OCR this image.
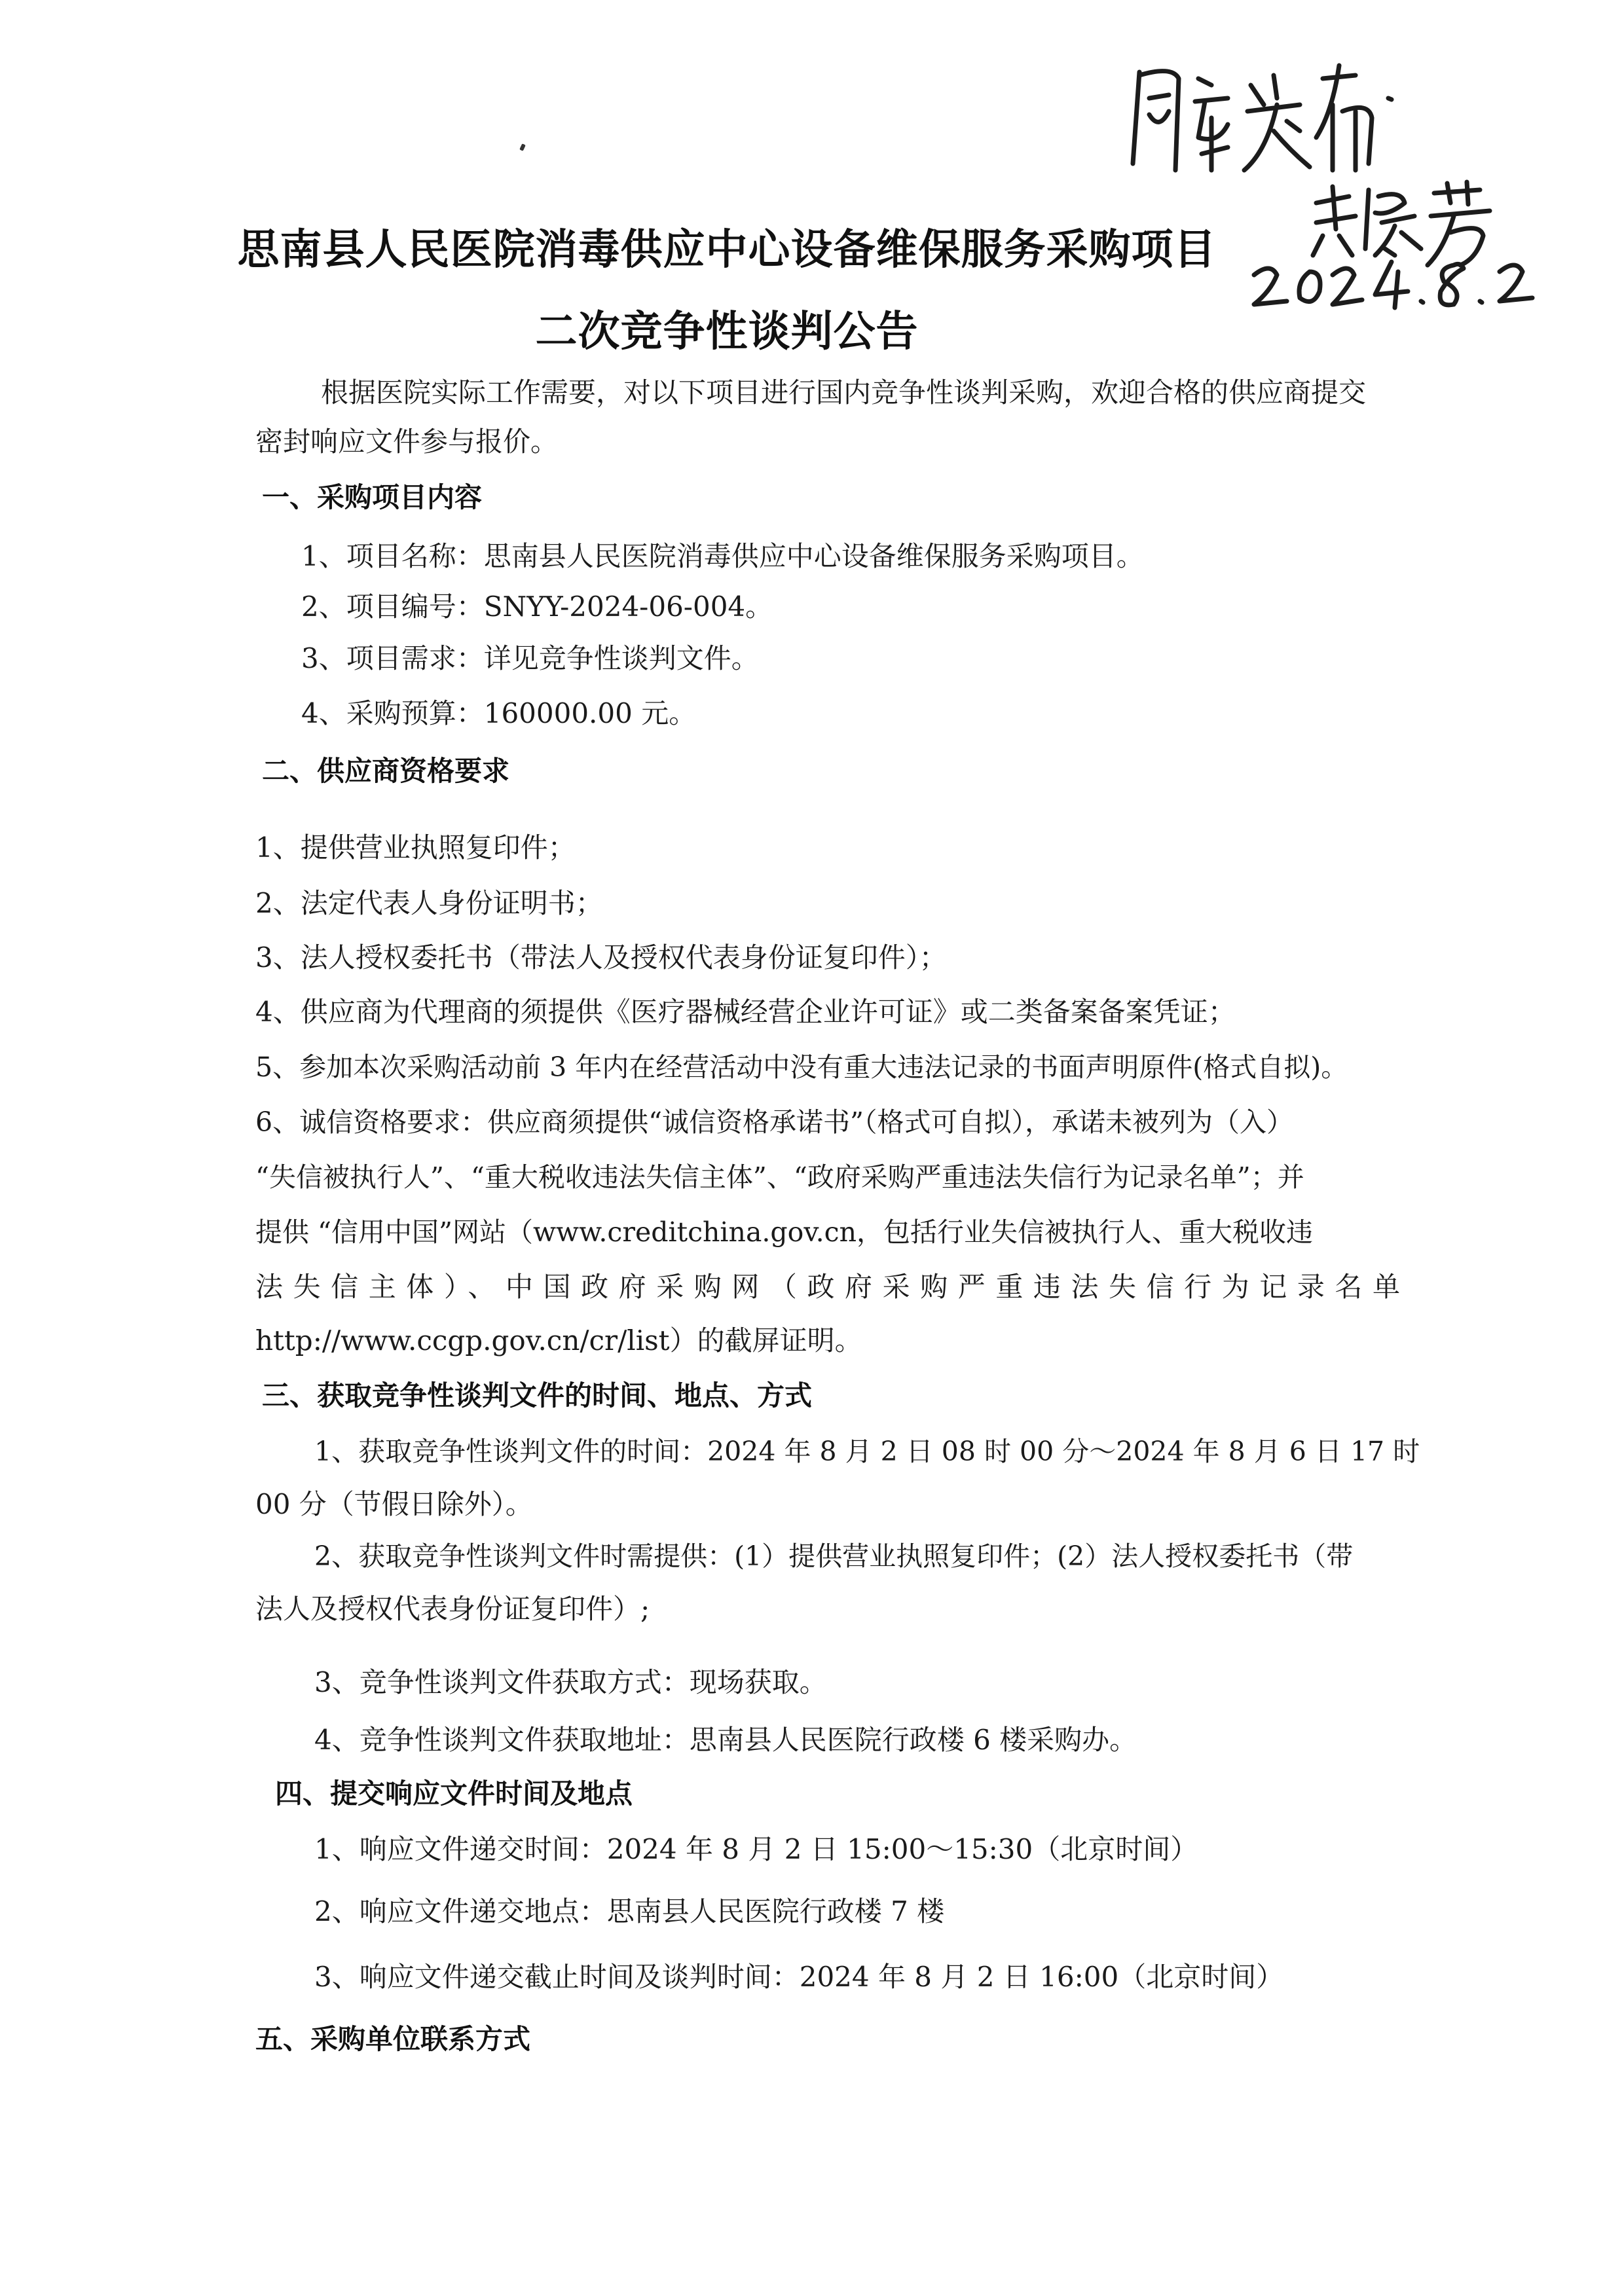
思南县人民医院消毒供应中心设备维保服务采购项目
二次竞争性谈判公告
根据医院实际工作需要，对以下项目进行国内竞争性谈判采购，欢迎合格的供应商提交
密封响应文件参与报价。
一、采购项目内容
1、项目名称：思南县人民医院消毒供应中心设备维保服务采购项目。
2、项目编号：SNYY-2024-06-004。
3、项目需求：详见竞争性谈判文件。
4、采购预算：160000.00 元。
二、供应商资格要求
1、提供营业执照复印件；
2、法定代表人身份证明书；
3、法人授权委托书（带法人及授权代表身份证复印件）；
4、供应商为代理商的须提供《医疗器械经营企业许可证》或二类备案备案凭证；
5、参加本次采购活动前 3 年内在经营活动中没有重大违法记录的书面声明原件(格式自拟)。
6、诚信资格要求：供应商须提供“诚信资格承诺书”（格式可自拟），承诺未被列为（入）
“失信被执行人”、“重大税收违法失信主体”、“政府采购严重违法失信行为记录名单”；并
提供 “信用中国”网站（www.creditchina.gov.cn，包括行业失信被执行人、重大税收违
法失信主体）、中国政府采购网（政府采购严重违法失信行为记录名单
http://www.ccgp.gov.cn/cr/list）的截屏证明。
三、获取竞争性谈判文件的时间、地点、方式
1、获取竞争性谈判文件的时间：2024 年 8 月 2 日 08 时 00 分～2024 年 8 月 6 日 17 时
00 分（节假日除外）。
2、获取竞争性谈判文件时需提供：(1）提供营业执照复印件；(2）法人授权委托书（带
法人及授权代表身份证复印件）;
3、竞争性谈判文件获取方式：现场获取。
4、竞争性谈判文件获取地址：思南县人民医院行政楼 6 楼采购办。
四、提交响应文件时间及地点
1、响应文件递交时间：2024 年 8 月 2 日 15:00～15:30（北京时间）
2、响应文件递交地点：思南县人民医院行政楼 7 楼
3、响应文件递交截止时间及谈判时间：2024 年 8 月 2 日 16:00（北京时间）
五、采购单位联系方式
